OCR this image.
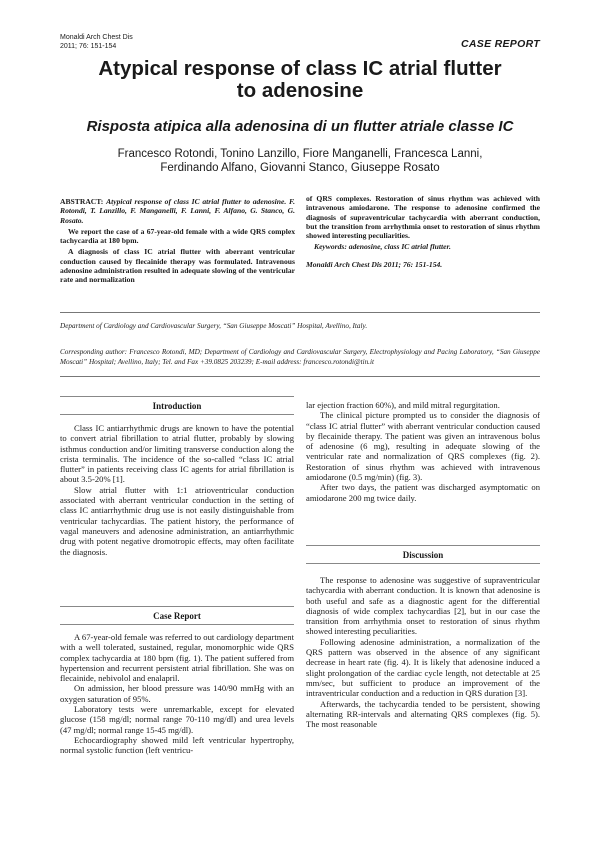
Monaldi Arch Chest Dis
2011; 76: 151-154	CASE REPORT
Atypical response of class IC atrial flutter
to adenosine
Risposta atipica alla adenosina di un flutter atriale classe IC
Francesco Rotondi, Tonino Lanzillo, Fiore Manganelli, Francesca Lanni,
Ferdinando Alfano, Giovanni Stanco, Giuseppe Rosato

ABSTRACT: Atypical response of class IC atrial flutter to adenosine. F. Rotondi, T. Lanzillo, F. Manganelli, F. Lanni, F. Alfano, G. Stanco, G. Rosato.

We report the case of a 67-year-old female with a wide QRS complex tachycardia at 180 bpm.

A diagnosis of class IC atrial flutter with aberrant ventricular conduction caused by flecainide therapy was formulated. Intravenous adenosine administration resulted in adequate slowing of the ventricular rate and normalization

of QRS complexes. Restoration of sinus rhythm was achieved with intravenous amiodarone. The response to adenosine confirmed the diagnosis of supraventricular tachycardia with aberrant conduction, but the transition from arrhythmia onset to restoration of sinus rhythm showed interesting peculiarities.

Keywords: adenosine, class IC atrial flutter.

Monaldi Arch Chest Dis 2011; 76: 151-154.

Department of Cardiology and Cardiovascular Surgery, “San Giuseppe Moscati” Hospital, Avellino, Italy.
Corresponding author: Francesco Rotondi, MD; Department of Cardiology and Cardiovascular Surgery, Electrophysiology and Pacing Laboratory, “San Giuseppe Moscati” Hospital; Avellino, Italy; Tel. and Fax +39.0825 203239; E-mail address: francesco.rotondi@tin.it
Introduction

Class IC antiarrhythmic drugs are known to have the potential to convert atrial fibrillation to atrial flutter, probably by slowing isthmus conduction and/or limiting transverse conduction along the crista terminalis. The incidence of the so-called “class IC atrial flutter” in patients receiving class IC agents for atrial fibrillation is about 3.5-20% [1].

Slow atrial flutter with 1:1 atrioventricular conduction associated with aberrant ventricular conduction in the setting of class IC antiarrhythmic drug use is not easily distinguishable from ventricular tachycardias. The patient history, the performance of vagal maneuvers and adenosine administration, an antiarrhythmic drug with potent negative dromotropic effects, may often facilitate the diagnosis.

Case Report

A 67-year-old female was referred to out cardiology department with a well tolerated, sustained, regular, monomorphic wide QRS complex tachycardia at 180 bpm (fig. 1). The patient suffered from hypertension and recurrent persistent atrial fibrillation. She was on flecainide, nebivolol and enalapril.

On admission, her blood pressure was 140/90 mmHg with an oxygen saturation of 95%.

Laboratory tests were unremarkable, except for elevated glucose (158 mg/dl; normal range 70-110 mg/dl) and urea levels (47 mg/dl; normal range 15-45 mg/dl).

Echocardiography showed mild left ventricular hypertrophy, normal systolic function (left ventricu-

lar ejection fraction 60%), and mild mitral regurgitation.

The clinical picture prompted us to consider the diagnosis of “class IC atrial flutter” with aberrant ventricular conduction caused by flecainide therapy. The patient was given an intravenous bolus of adenosine (6 mg), resulting in adequate slowing of the ventricular rate and normalization of QRS complexes (fig. 2). Restoration of sinus rhythm was achieved with intravenous amiodarone (0.5 mg/min) (fig. 3).

After two days, the patient was discharged asymptomatic on amiodarone 200 mg twice daily.

Discussion

The response to adenosine was suggestive of supraventricular tachycardia with aberrant conduction. It is known that adenosine is both useful and safe as a diagnostic agent for the differential diagnosis of wide complex tachycardias [2], but in our case the transition from arrhythmia onset to restoration of sinus rhythm showed interesting peculiarities.

Following adenosine administration, a normalization of the QRS pattern was observed in the absence of any significant decrease in heart rate (fig. 4). It is likely that adenosine induced a slight prolongation of the cardiac cycle length, not detectable at 25 mm/sec, but sufficient to produce an improvement of the intraventricular conduction and a reduction in QRS duration [3].

Afterwards, the tachycardia tended to be persistent, showing alternating RR-intervals and alternating QRS complexes (fig. 5). The most reasonable
